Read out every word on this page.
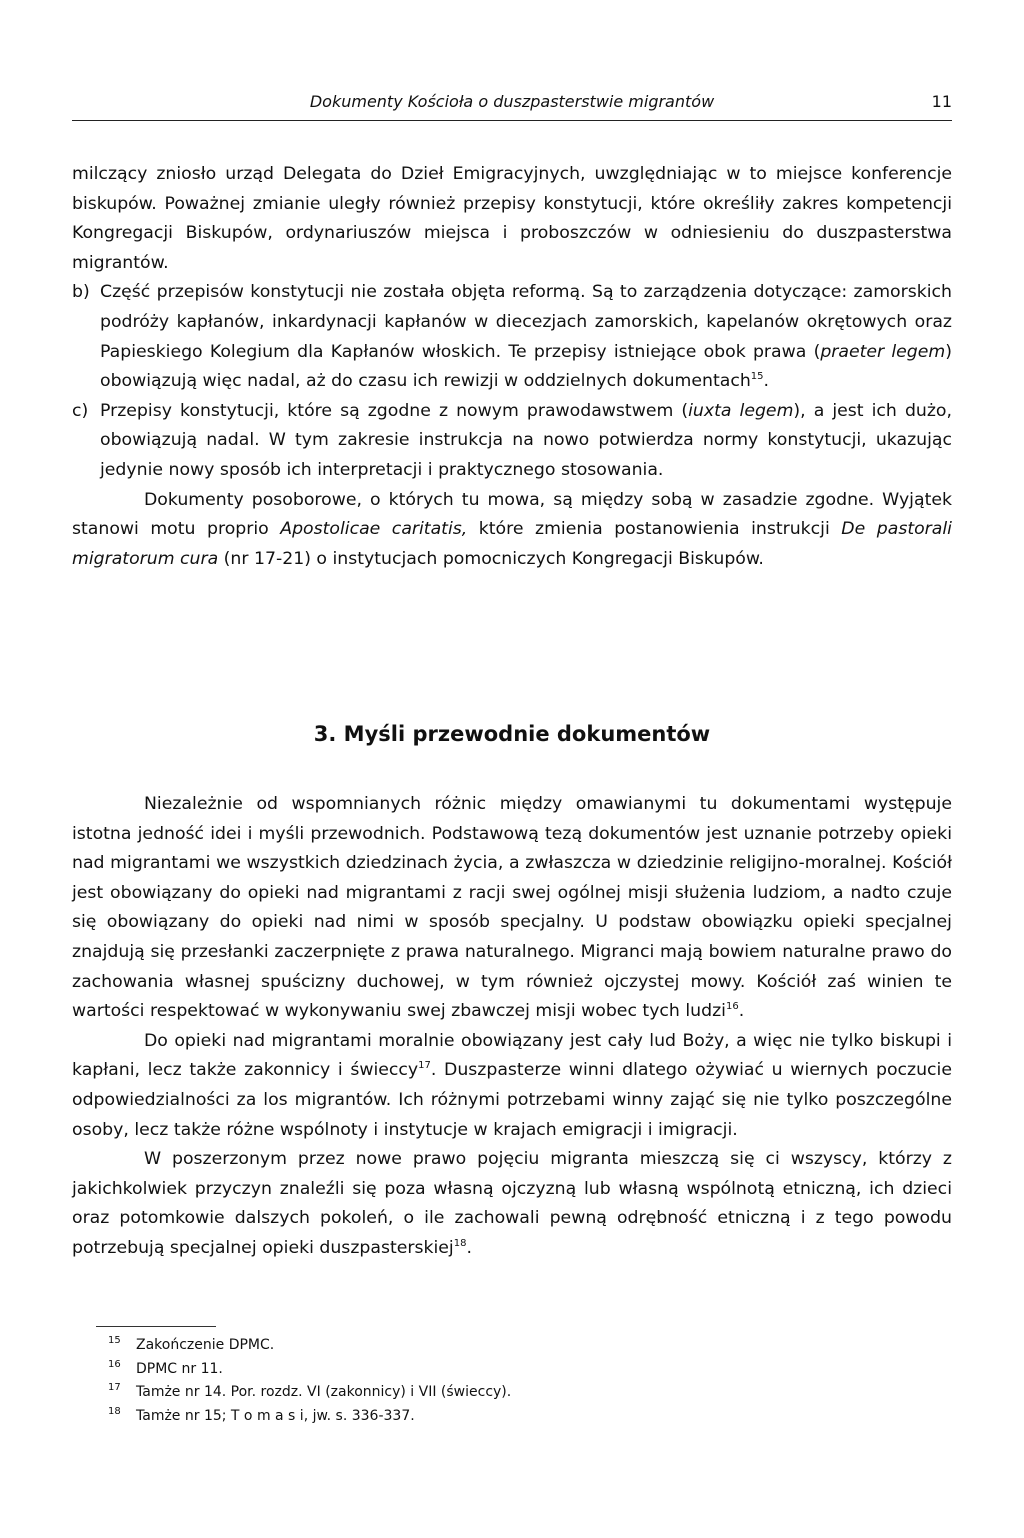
Dokumenty Kościoła o duszpasterstwie migrantów	11

milczący zniosło urząd Delegata do Dzieł Emigracyjnych, uwzględniając w to miejsce konferencje biskupów. Poważnej zmianie uległy również przepisy konstytucji, które określiły zakres kompetencji Kongregacji Biskupów, ordynariuszów miejsca i proboszczów w odniesieniu do duszpasterstwa migrantów.

b) Część przepisów konstytucji nie została objęta reformą. Są to zarządzenia dotyczące: zamorskich podróży kapłanów, inkardynacji kapłanów w diecezjach zamorskich, kapelanów okrętowych oraz Papieskiego Kolegium dla Kapłanów włoskich. Te przepisy istniejące obok prawa (praeter legem) obowiązują więc nadal, aż do czasu ich rewizji w oddzielnych dokumentach$^{15}$.

c) Przepisy konstytucji, które są zgodne z nowym prawodawstwem (iuxta legem), a jest ich dużo, obowiązują nadal. W tym zakresie instrukcja na nowo potwierdza normy konstytucji, ukazując jedynie nowy sposób ich interpretacji i praktycznego stosowania.

Dokumenty posoborowe, o których tu mowa, są między sobą w zasadzie zgodne. Wyjątek stanowi motu proprio Apostolicae caritatis, które zmienia postanowienia instrukcji De pastorali migratorum cura (nr 17-21) o instytucjach pomocniczych Kongregacji Biskupów.

3. Myśli przewodnie dokumentów

Niezależnie od wspomnianych różnic między omawianymi tu dokumentami występuje istotna jedność idei i myśli przewodnich. Podstawową tezą dokumentów jest uznanie potrzeby opieki nad migrantami we wszystkich dziedzinach życia, a zwłaszcza w dziedzinie religijno-moralnej. Kościół jest obowiązany do opieki nad migrantami z racji swej ogólnej misji służenia ludziom, a nadto czuje się obowiązany do opieki nad nimi w sposób specjalny. U podstaw obowiązku opieki specjalnej znajdują się przesłanki zaczerpnięte z prawa naturalnego. Migranci mają bowiem naturalne prawo do zachowania własnej spuścizny duchowej, w tym również ojczystej mowy. Kościół zaś winien te wartości respektować w wykonywaniu swej zbawczej misji wobec tych ludzi$^{16}$.

Do opieki nad migrantami moralnie obowiązany jest cały lud Boży, a więc nie tylko biskupi i kapłani, lecz także zakonnicy i świeccy$^{17}$. Duszpasterze winni dlatego ożywiać u wiernych poczucie odpowiedzialności za los migrantów. Ich różnymi potrzebami winny zająć się nie tylko poszczególne osoby, lecz także różne wspólnoty i instytucje w krajach emigracji i imigracji.

W poszerzonym przez nowe prawo pojęciu migranta mieszczą się ci wszyscy, którzy z jakichkolwiek przyczyn znaleźli się poza własną ojczyzną lub własną wspólnotą etniczną, ich dzieci oraz potomkowie dalszych pokoleń, o ile zachowali pewną odrębność etniczną i z tego powodu potrzebują specjalnej opieki duszpasterskiej$^{18}$.

15 Zakończenie DPMC.
16 DPMC nr 11.
17 Tamże nr 14. Por. rozdz. VI (zakonnicy) i VII (świeccy).
18 Tamże nr 15; T o m a s i, jw. s. 336-337.
